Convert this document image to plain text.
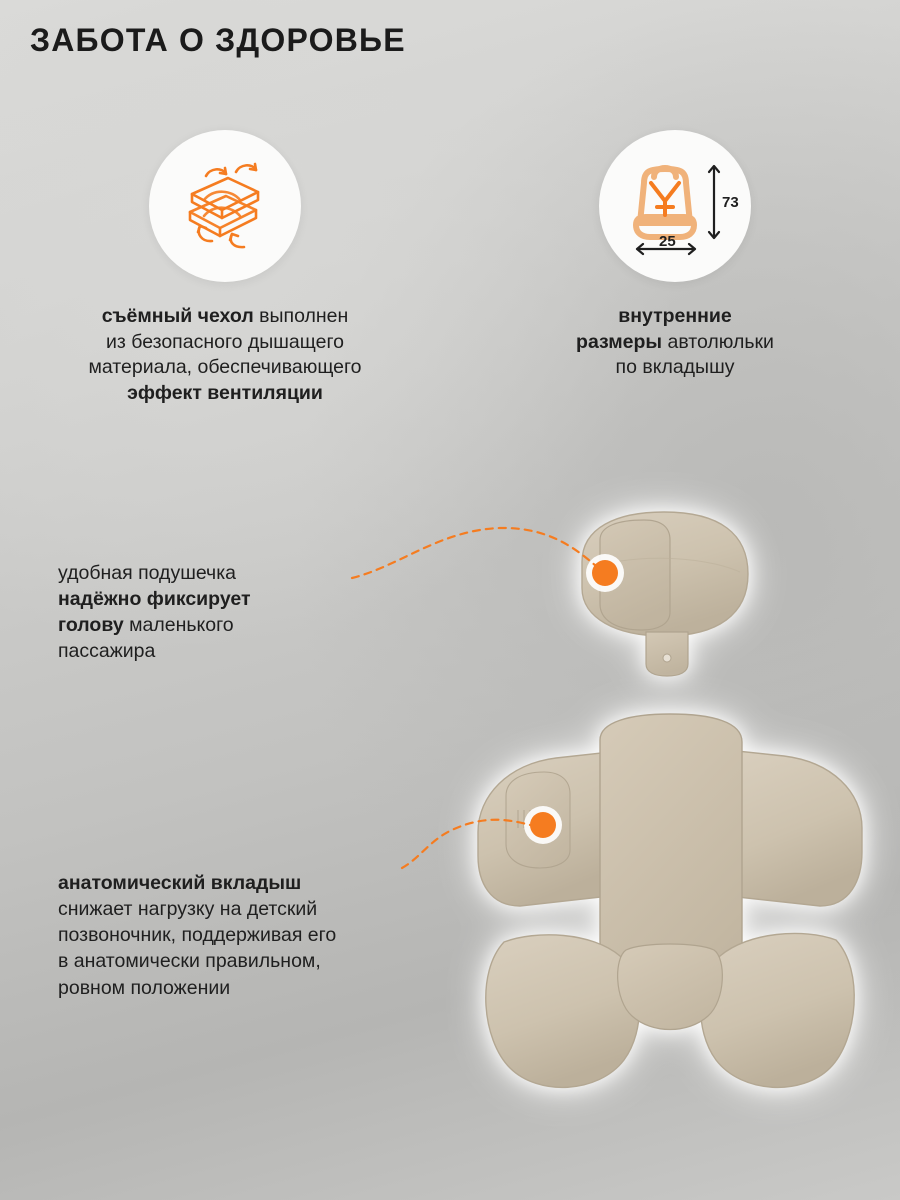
ЗАБОТА О ЗДОРОВЬЕ
съёмный чехол выполнен
из безопасного дышащего
материала, обеспечивающего
эффект вентиляции
73
25
внутренние
размеры автолюльки
по вкладышу
удобная подушечка
надёжно фиксирует
голову маленького
пассажира
анатомический вкладыш
снижает нагрузку на детский
позвоночник, поддерживая его
в анатомически правильном,
ровном положении
